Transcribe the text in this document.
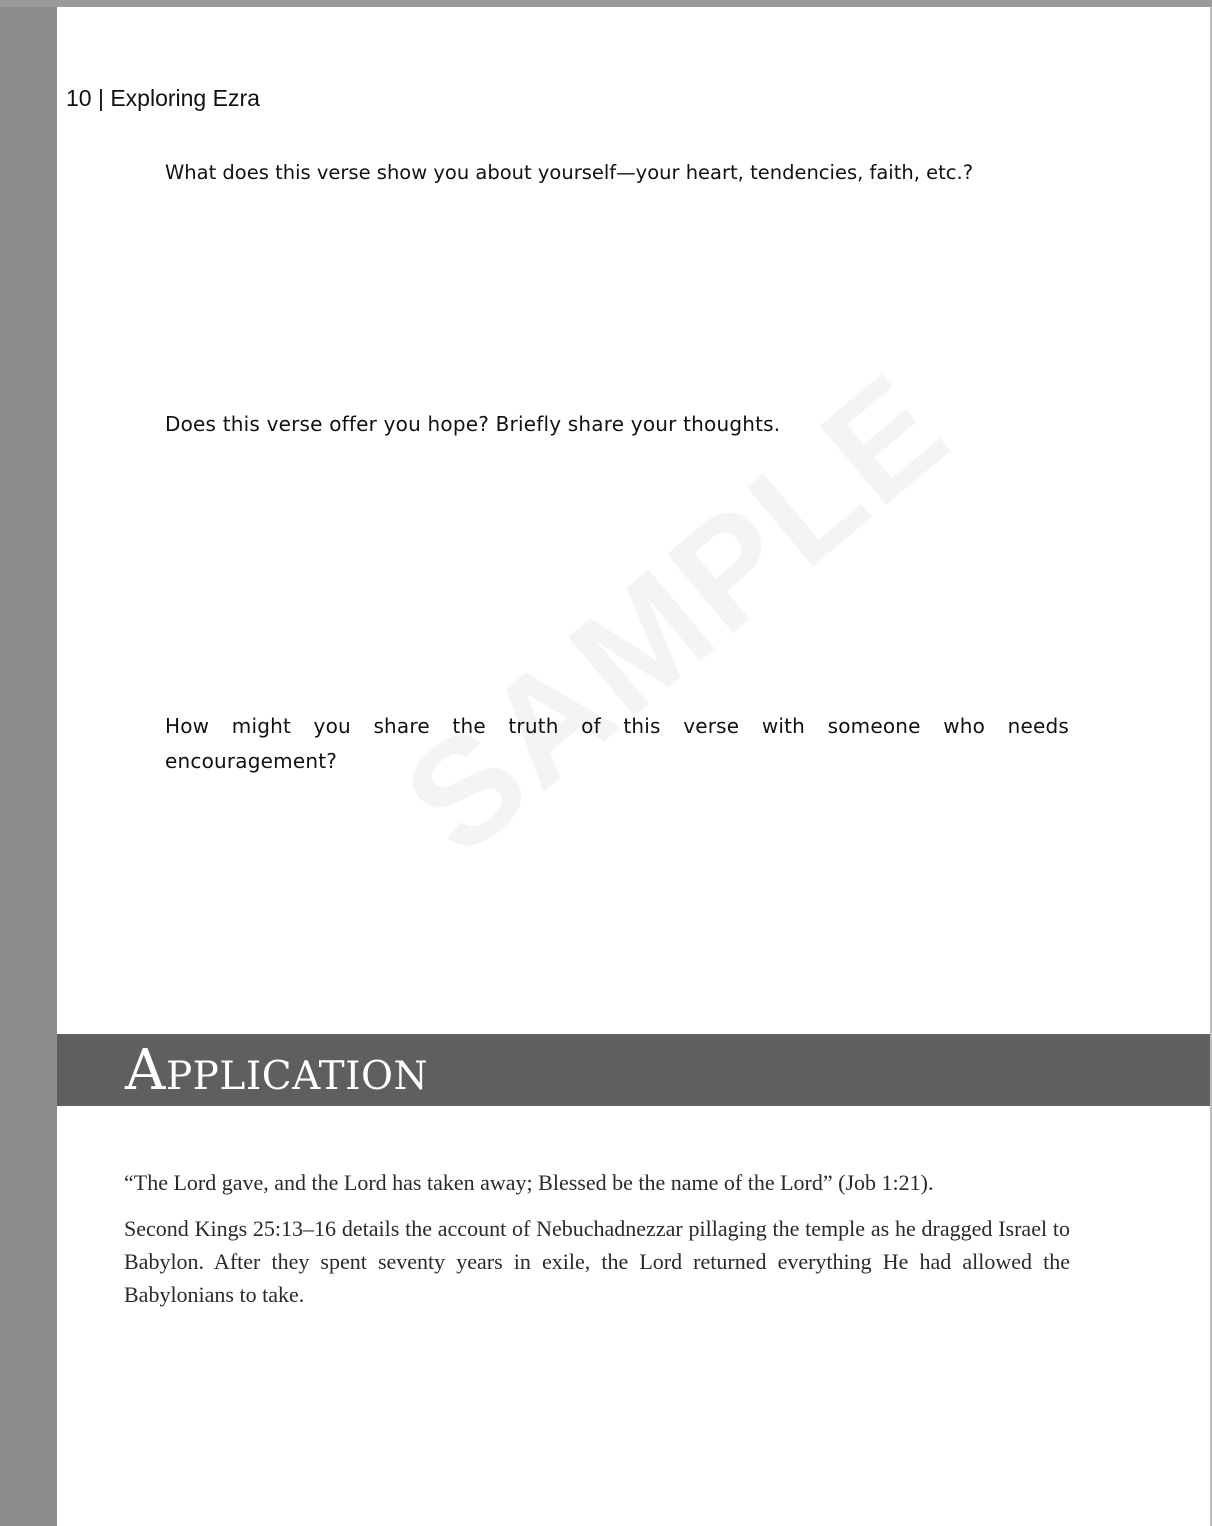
10 | Exploring Ezra
What does this verse show you about yourself—your heart, tendencies, faith, etc.?
Does this verse offer you hope? Briefly share your thoughts.
How might you share the truth of this verse with someone who needs encouragement?
Application
“The Lord gave, and the Lord has taken away; Blessed be the name of the Lord” (Job 1:21).
Second Kings 25:13–16 details the account of Nebuchadnezzar pillaging the temple as he dragged Israel to Babylon. After they spent seventy years in exile, the Lord returned everything He had allowed the Babylonians to take.
